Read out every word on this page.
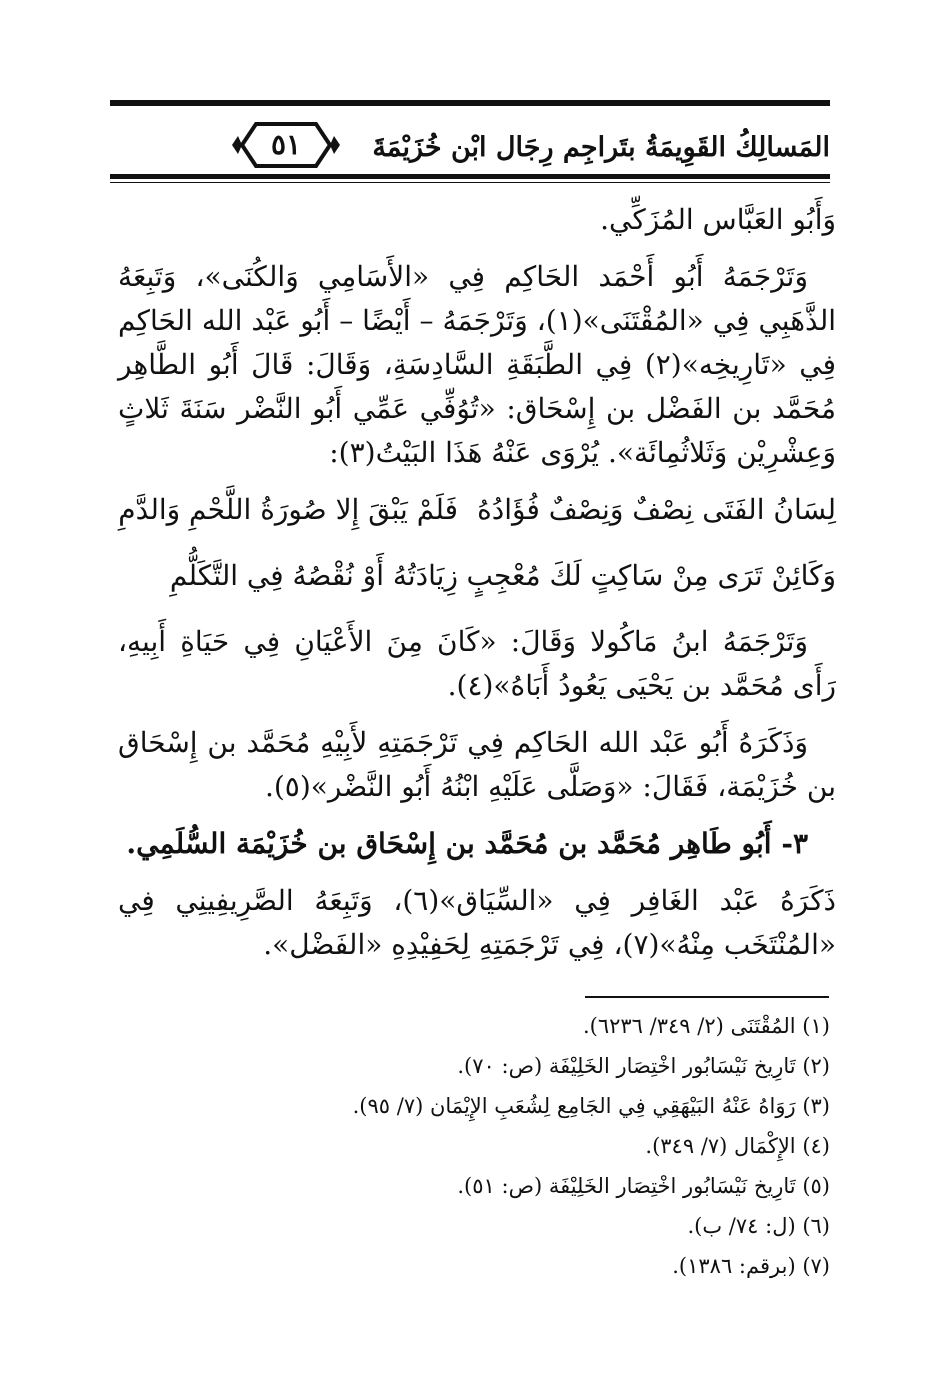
٥١	المَسالِكُ القَوِيمَةُ بتَراجِم رِجَال ابْن خُزَيْمَةَ

وَأَبُو العَبَّاس المُزَكِّي.

وَتَرْجَمَهُ أَبُو أَحْمَد الحَاكِم فِي «الأَسَامِي وَالكُنَى»، وَتَبِعَهُ الذَّهَبِي فِي «المُقْتَنَى»(١)، وَتَرْجَمَهُ – أَيْضًا – أَبُو عَبْد الله الحَاكِم فِي «تَارِيخِه»(٢) فِي الطَّبَقَةِ السَّادِسَةِ، وَقَالَ: قَالَ أَبُو الطَّاهِر مُحَمَّد بن الفَضْل بن إِسْحَاق: «تُوُفِّي عَمِّي أَبُو النَّضْر سَنَةَ ثَلاثٍ وَعِشْرِيْن وَثَلاثُمِائَة». يُرْوَى عَنْهُ هَذَا البَيْتُ(٣):

لِسَانُ الفَتَى نِصْفٌ وَنِصْفٌ فُؤَادُهُ
فَلَمْ يَبْقَ إِلا صُورَةُ اللَّحْمِ وَالدَّمِ
وَكَائِنْ تَرَى مِنْ سَاكِتٍ لَكَ مُعْجِبٍ
زِيَادَتُهُ أَوْ نُقْصُهُ فِي التَّكَلُّمِ

وَتَرْجَمَهُ ابنُ مَاكُولا وَقَالَ: «كَانَ مِنَ الأَعْيَانِ فِي حَيَاةِ أَبِيهِ، رَأَى مُحَمَّد بن يَحْيَى يَعُودُ أَبَاهُ»(٤).

وَذَكَرَهُ أَبُو عَبْد الله الحَاكِم فِي تَرْجَمَتِهِ لأَبِيْهِ مُحَمَّد بن إِسْحَاق بن خُزَيْمَة، فَقَالَ: «وَصَلَّى عَلَيْهِ ابْنُهُ أَبُو النَّضْر»(٥).

٣- أَبُو طَاهِر مُحَمَّد بن مُحَمَّد بن إِسْحَاق بن خُزَيْمَة السُّلَمِي.

ذَكَرَهُ عَبْد الغَافِر فِي «السِّيَاق»(٦)، وَتَبِعَهُ الصَّرِيفِينِي فِي «المُنْتَخَب مِنْهُ»(٧)، فِي تَرْجَمَتِهِ لِحَفِيْدِهِ «الفَضْل».

(١) المُقْتَنَى (٢/ ٣٤٩/ ٦٢٣٦).
(٢) تَارِيخ نَيْسَابُور اخْتِصَار الخَلِيْفَة (ص: ٧٠).
(٣) رَوَاهُ عَنْهُ البَيْهَقِي فِي الجَامِع لِشُعَبِ الإِيْمَان (٧/ ٩٥).
(٤) الإِكْمَال (٧/ ٣٤٩).
(٥) تَارِيخ نَيْسَابُور اخْتِصَار الخَلِيْفَة (ص: ٥١).
(٦) (ل: ٧٤/ ب).
(٧) (برقم: ١٣٨٦).
